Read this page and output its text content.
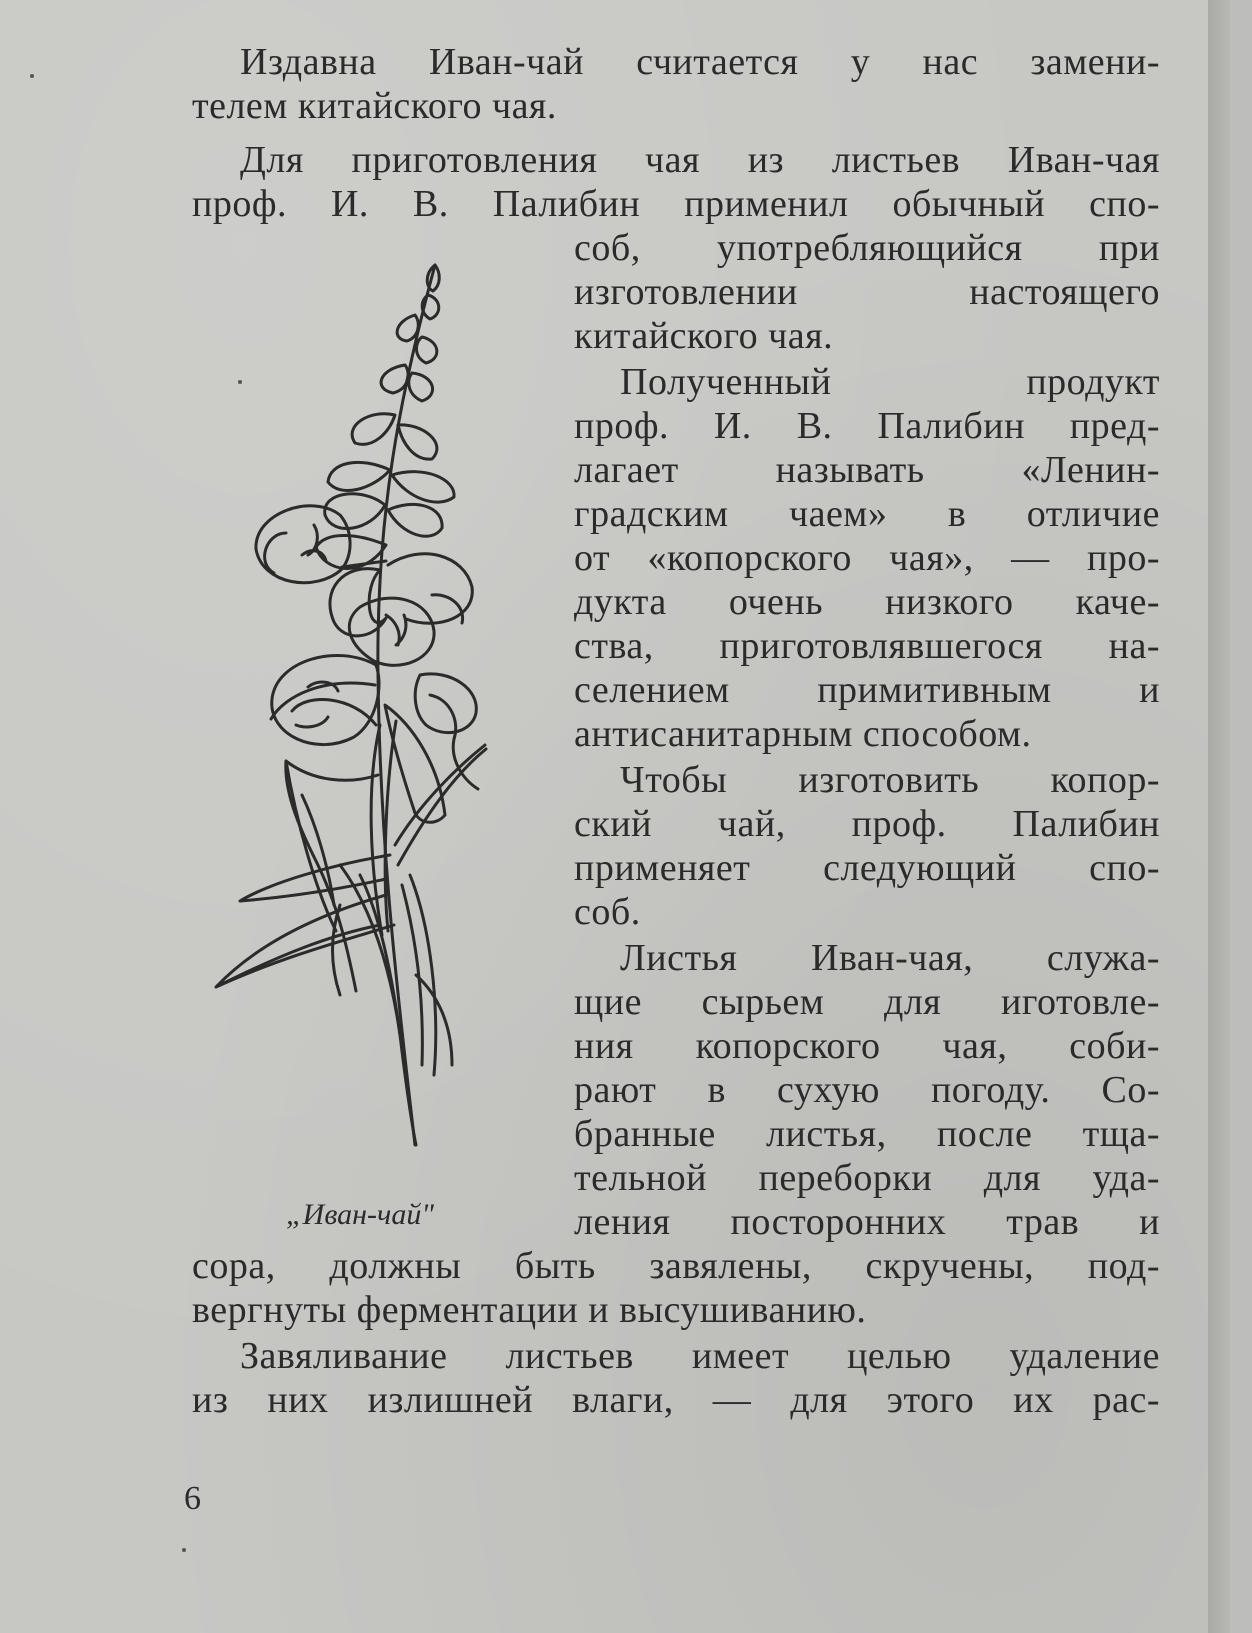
Издавна Иван-чай считается у нас замени-
телем китайского чая.
Для приготовления чая из листьев Иван-чая
проф. И. В. Палибин применил обычный спо-
соб, употребляющийся при
изготовлении настоящего
китайского чая.
Полученный продукт
проф. И. В. Палибин пред-
лагает называть «Ленин-
градским чаем» в отличие
от «копорского чая», — про-
дукта очень низкого каче-
ства, приготовлявшегося на-
селением примитивным и
антисанитарным способом.
Чтобы изготовить копор-
ский чай, проф. Палибин
применяет следующий спо-
соб.
Листья Иван-чая, служа-
щие сырьем для иготовле-
ния копорского чая, соби-
рают в сухую погоду. Со-
бранные листья, после тща-
тельной переборки для уда-
ления посторонних трав и
сора, должны быть завялены, скручены, под-
вергнуты ферментации и высушиванию.
Завяливание листьев имеет целью удаление
из них излишней влаги, — для этого их рас-
„Иван-чай"
6
